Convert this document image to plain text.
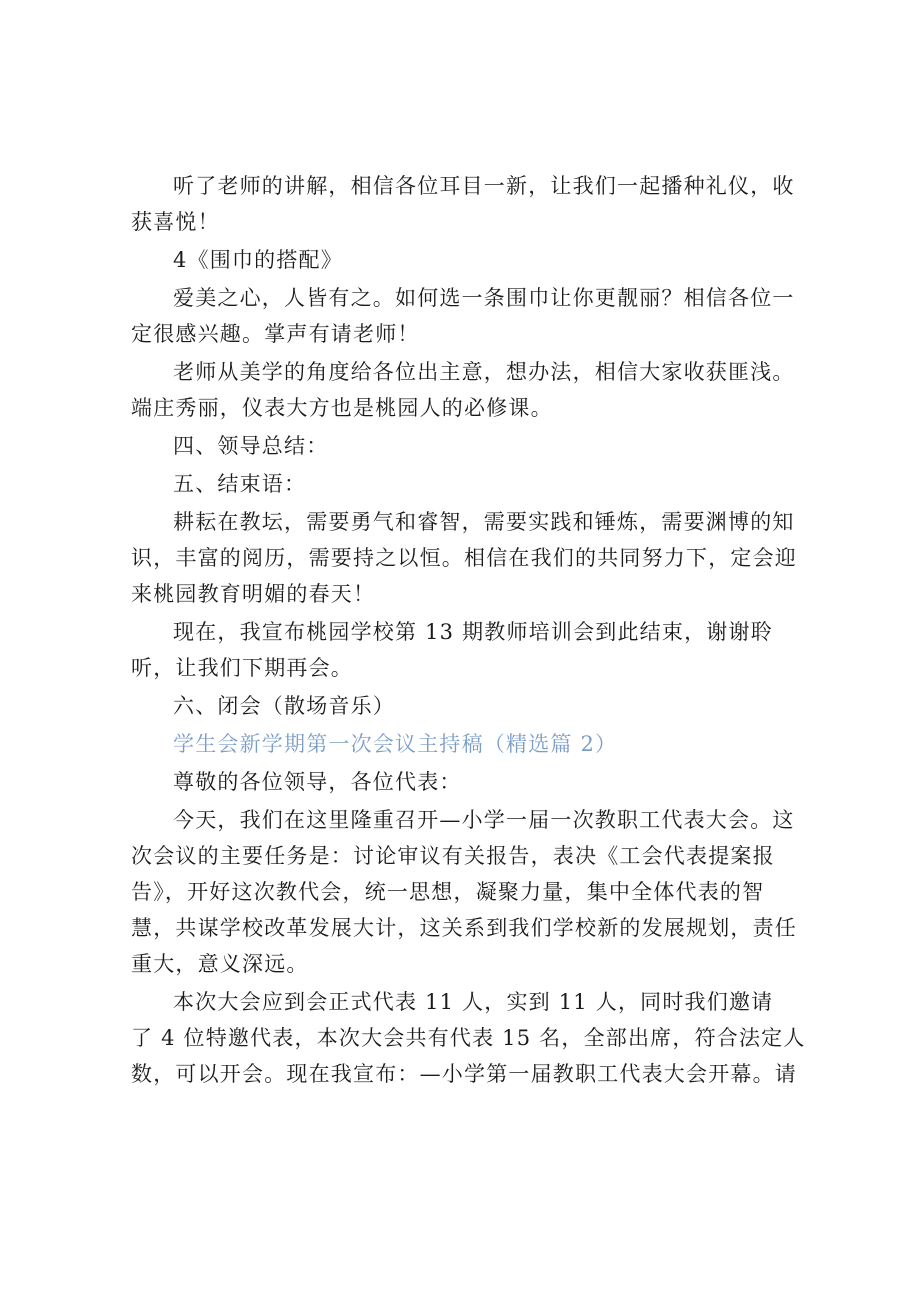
听了老师的讲解，相信各位耳目一新，让我们一起播种礼仪，收

获喜悦！

4《围巾的搭配》

爱美之心，人皆有之。如何选一条围巾让你更靓丽？相信各位一

定很感兴趣。掌声有请老师！

老师从美学的角度给各位出主意，想办法，相信大家收获匪浅。

端庄秀丽，仪表大方也是桃园人的必修课。

四、领导总结：

五、结束语：

耕耘在教坛，需要勇气和睿智，需要实践和锤炼，需要渊博的知

识，丰富的阅历，需要持之以恒。相信在我们的共同努力下，定会迎

来桃园教育明媚的春天！

现在，我宣布桃园学校第 13 期教师培训会到此结束，谢谢聆

听，让我们下期再会。

六、闭会（散场音乐）

学生会新学期第一次会议主持稿（精选篇 2）

尊敬的各位领导，各位代表：

今天，我们在这里隆重召开—小学一届一次教职工代表大会。这

次会议的主要任务是：讨论审议有关报告，表决《工会代表提案报

告》，开好这次教代会，统一思想，凝聚力量，集中全体代表的智

慧，共谋学校改革发展大计，这关系到我们学校新的发展规划，责任

重大，意义深远。

本次大会应到会正式代表 11 人，实到 11 人，同时我们邀请

了 4 位特邀代表，本次大会共有代表 15 名，全部出席，符合法定人

数，可以开会。现在我宣布：—小学第一届教职工代表大会开幕。请
